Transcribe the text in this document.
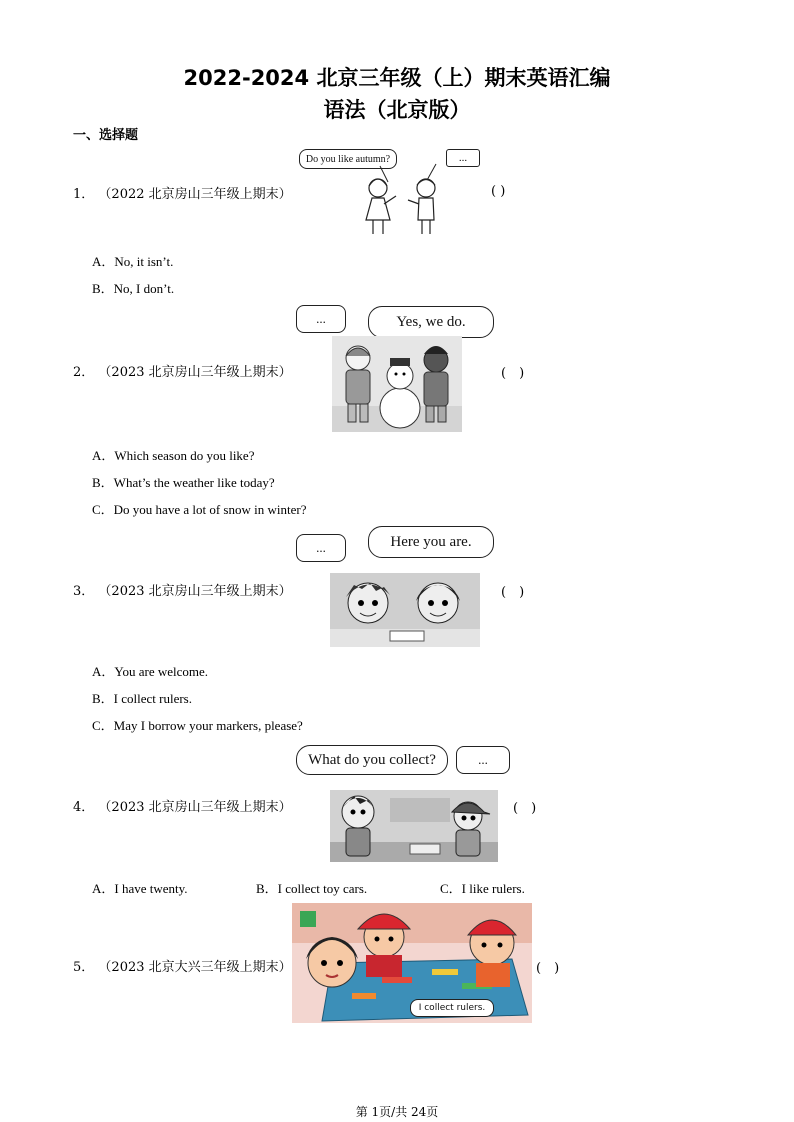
2022-2024 北京三年级（上）期末英语汇编
语法（北京版）
一、选择题
1． （2022 北京房山三年级上期末）
Do you like autumn?	...
( )
A．No, it isn’t.
B．No, I don’t.
2． （2023 北京房山三年级上期末）
...	Yes, we do.
(　)
A．Which season do you like?
B．What’s the weather like today?
C．Do you have a lot of snow in winter?
3． （2023 北京房山三年级上期末）
...	Here you are.
(　)
A．You are welcome.
B．I collect rulers.
C．May I borrow your markers, please?
4． （2023 北京房山三年级上期末）
What do you collect?	...
(　)
A．I have twenty.	B．I collect toy cars.	C．I like rulers.
5． （2023 北京大兴三年级上期末）
I collect rulers.
(　)
第 1页/共 24页
